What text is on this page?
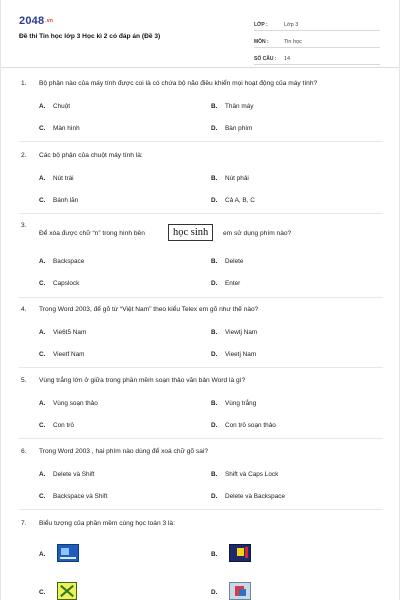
2048.vn
Đề thi Tin học lớp 3 Học kì 2 có đáp án (Đề 3)
LỚP :	Lớp 3
MÔN :	Tin học
SỐ CÂU :	14
1. Bộ phận nào của máy tính được coi là có chứa bộ não điều khiển mọi hoạt động của máy tính?
A. Chuột	B. Thân máy
C. Màn hình	D. Bàn phím
2. Các bộ phận của chuột máy tính là:
A. Nút trái	B. Nút phải
C. Bánh lăn	D. Cả A, B, C
3.
Để xóa được chữ “n” trong hình bên	học sinh	em sử dụng phím nào?
A. Backspace	B. Delete
C. Capslock	D. Enter
4. Trong Word 2003, để gõ từ “Việt Nam” theo kiểu Telex em gõ như thế nào?
A. Vie6t5 Nam	B. Viewtj Nam
C. Vieetf Nam	D. Vieetj Nam
5. Vùng trắng lớn ở giữa trong phần mềm soạn thảo văn bản Word là gì?
A. Vùng soạn thảo	B. Vùng trắng
C. Con trỏ	D. Con trỏ soạn thảo
6. Trong Word 2003 , hai phím nào dùng để xoá chữ gõ sai?
A. Delete và Shift	B. Shift và Caps Lock
C. Backspace và Shift	D. Delete và Backspace
7. Biểu tượng của phần mềm cùng học toán 3 là:
A.	B.
C.	D.
